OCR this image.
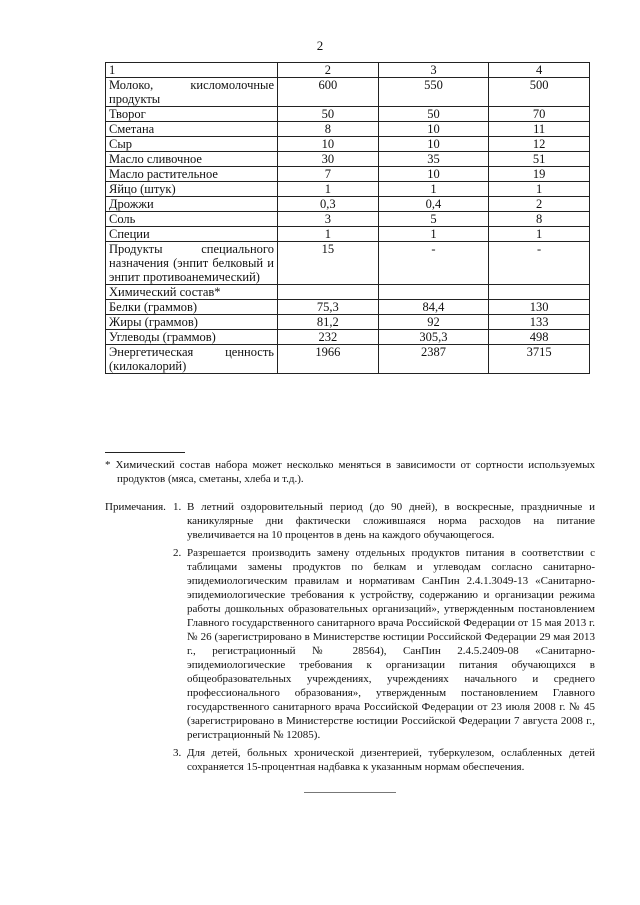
2
1	2	3	4
Молоко, кисломолочные продукты	600	550	500
Творог	50	50	70
Сметана	8	10	11
Сыр	10	10	12
Масло сливочное	30	35	51
Масло растительное	7	10	19
Яйцо (штук)	1	1	1
Дрожжи	0,3	0,4	2
Соль	3	5	8
Специи	1	1	1
Продукты специального назначения (энпит белковый и энпит противоанемический)	15	-	-
Химический состав*			
Белки (граммов)	75,3	84,4	130
Жиры (граммов)	81,2	92	133
Углеводы (граммов)	232	305,3	498
Энергетическая ценность (килокалорий)	1966	2387	3715
* Химический состав набора может несколько меняться в зависимости от сортности используемых продуктов (мяса, сметаны, хлеба и т.д.).
Примечания. 1. В летний оздоровительный период (до 90 дней), в воскресные, праздничные и каникулярные дни фактически сложившаяся норма расходов на питание увеличивается на 10 процентов в день на каждого обучающегося.
2. Разрешается производить замену отдельных продуктов питания в соответствии с таблицами замены продуктов по белкам и углеводам согласно санитарно-эпидемиологическим правилам и нормативам СанПин 2.4.1.3049-13 «Санитарно-эпидемиологические требования к устройству, содержанию и организации режима работы дошкольных образовательных организаций», утвержденным постановлением Главного государственного санитарного врача Российской Федерации от 15 мая 2013 г. № 26 (зарегистрировано в Министерстве юстиции Российской Федерации 29 мая 2013 г., регистрационный № 28564), СанПин 2.4.5.2409-08 «Санитарно-эпидемиологические требования к организации питания обучающихся в общеобразовательных учреждениях, учреждениях начального и среднего профессионального образования», утвержденным постановлением Главного государственного санитарного врача Российской Федерации от 23 июля 2008 г. № 45 (зарегистрировано в Министерстве юстиции Российской Федерации 7 августа 2008 г., регистрационный № 12085).
3. Для детей, больных хронической дизентерией, туберкулезом, ослабленных детей сохраняется 15-процентная надбавка к указанным нормам обеспечения.
